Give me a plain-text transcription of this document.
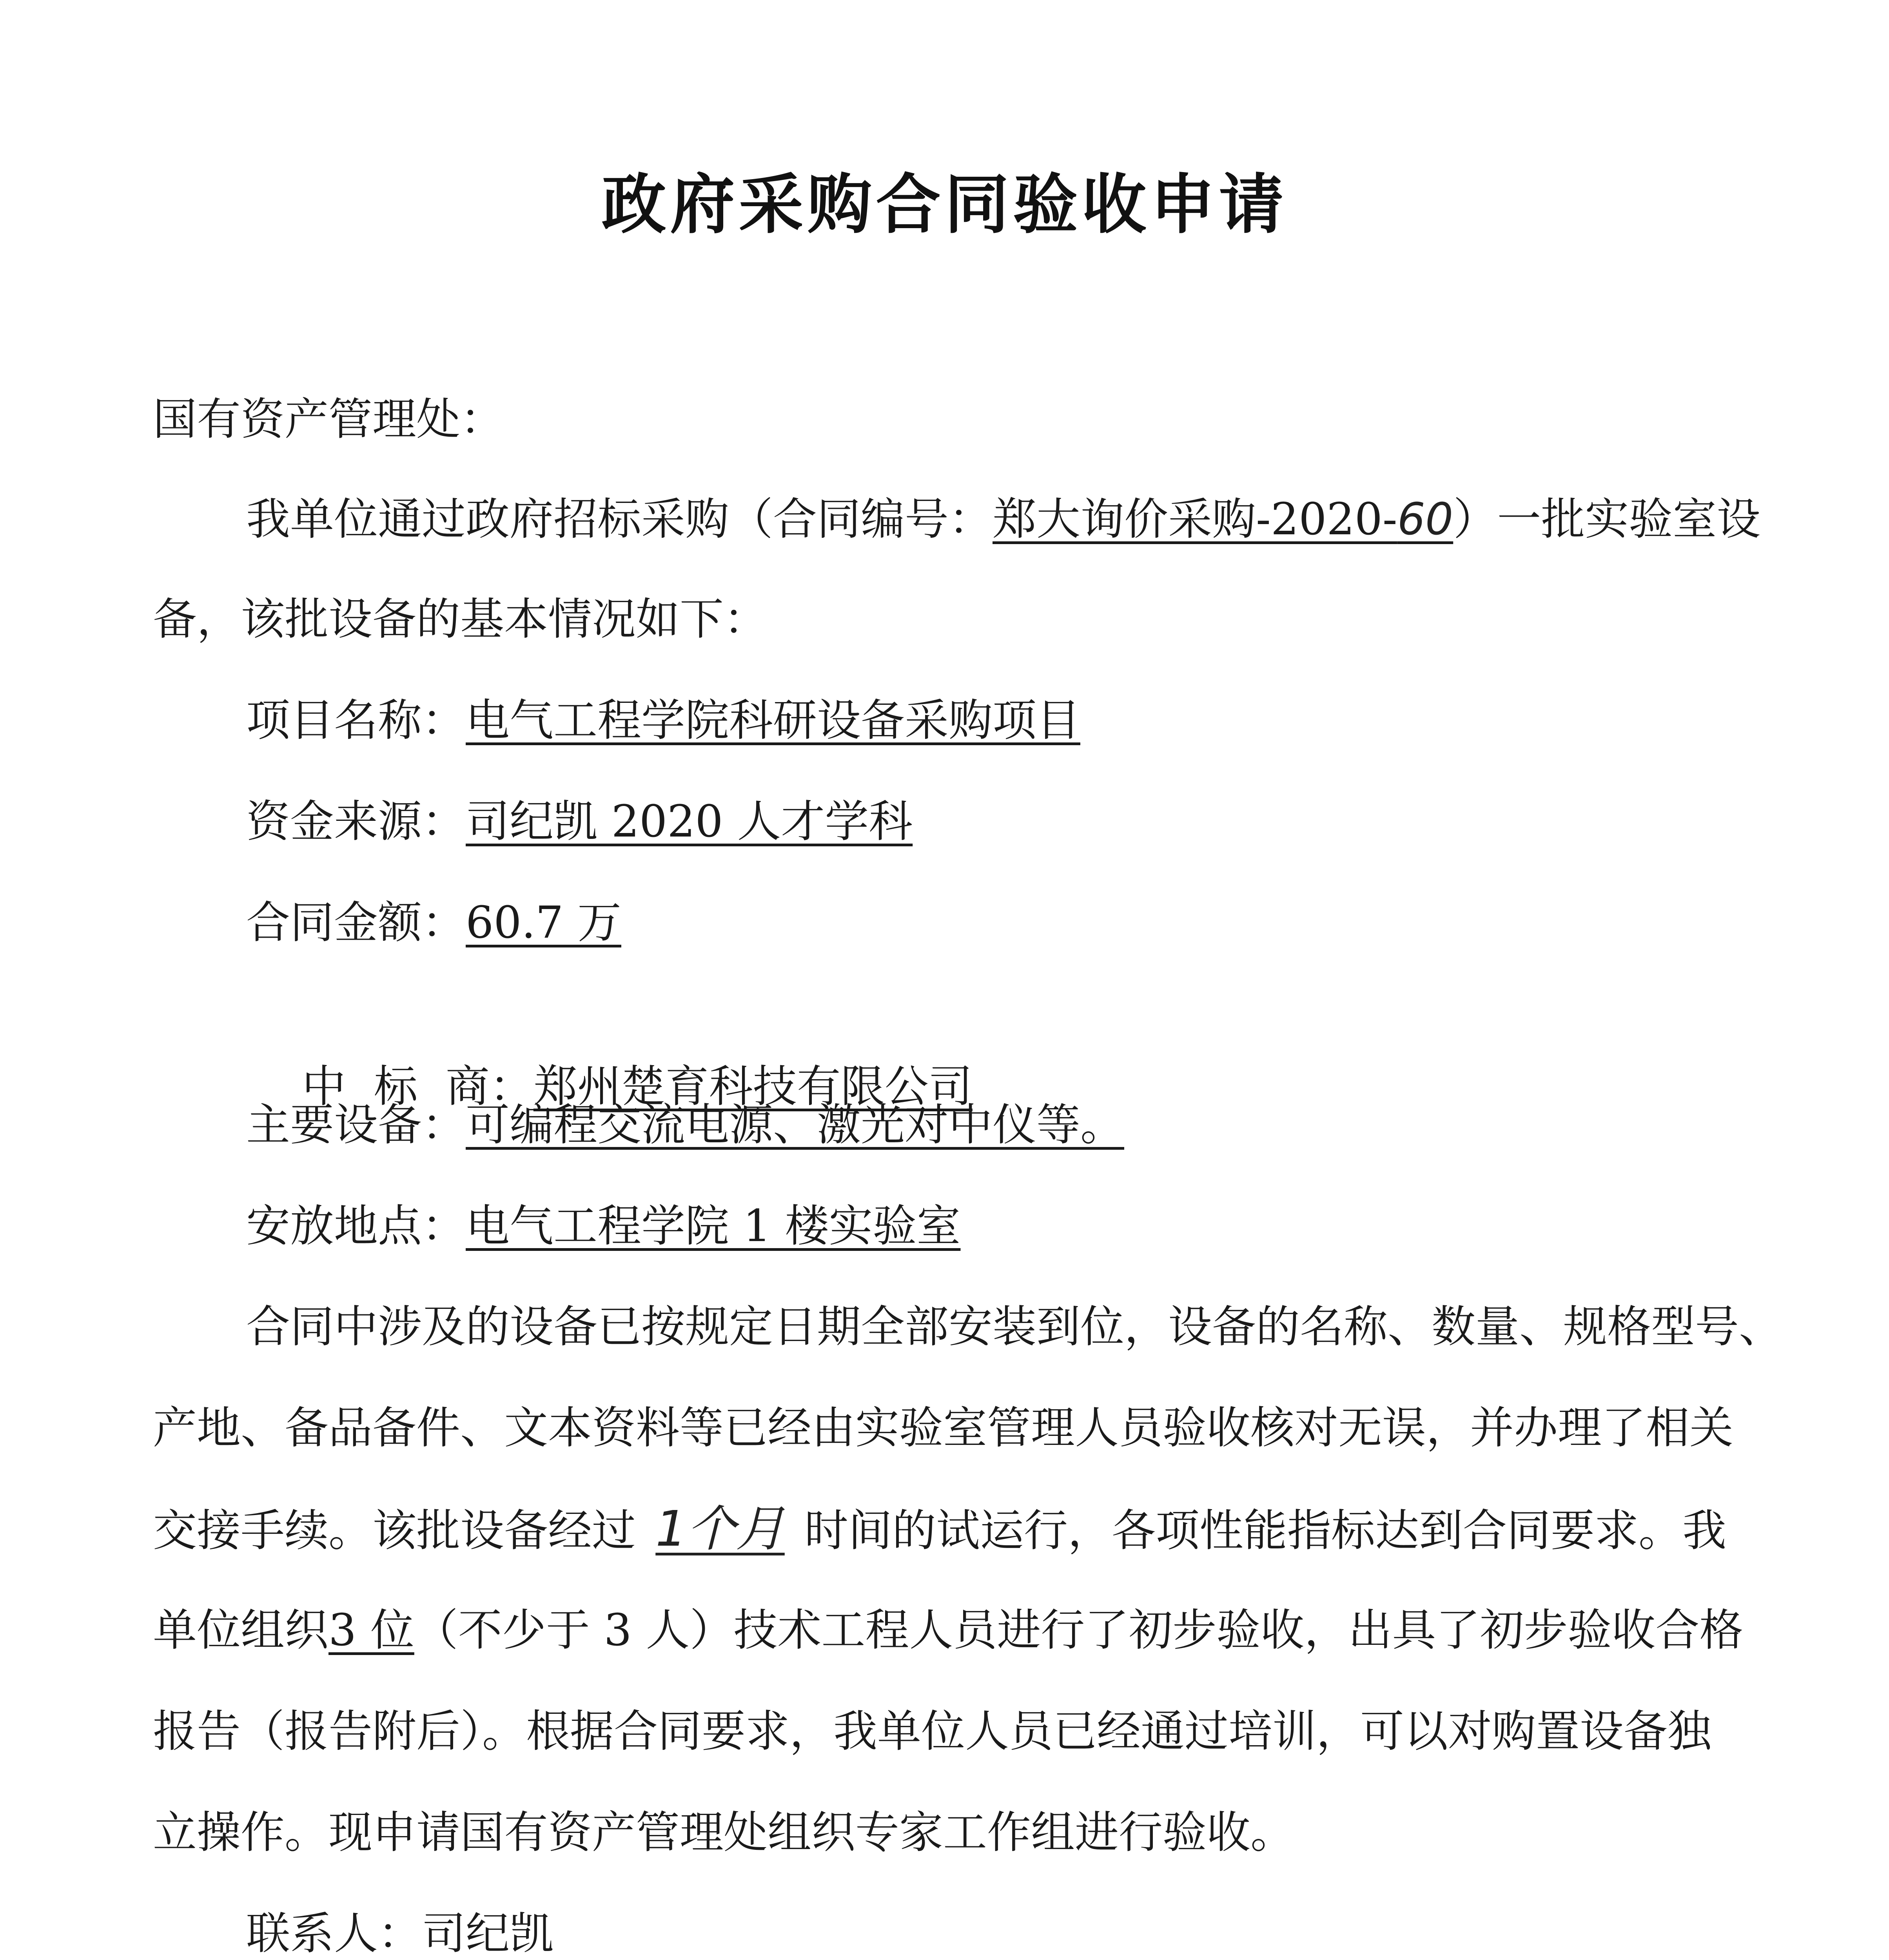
政府采购合同验收申请
国有资产管理处：
我单位通过政府招标采购（合同编号：郑大询价采购-2020-60）一批实验室设
备，该批设备的基本情况如下：
项目名称：电气工程学院科研设备采购项目
资金来源：司纪凯 2020 人才学科
合同金额：60.7 万

中  标  商：郑州楚育科技有限公司

主要设备：可编程交流电源、激光对中仪等。
安放地点：电气工程学院 1 楼实验室
合同中涉及的设备已按规定日期全部安装到位，设备的名称、数量、规格型号、
产地、备品备件、文本资料等已经由实验室管理人员验收核对无误，并办理了相关
交接手续。该批设备经过 1个月 时间的试运行，各项性能指标达到合同要求。我
单位组织3 位（不少于 3 人）技术工程人员进行了初步验收，出具了初步验收合格
报告（报告附后）。根据合同要求，我单位人员已经通过培训，可以对购置设备独
立操作。现申请国有资产管理处组织专家工作组进行验收。
联系人：司纪凯
